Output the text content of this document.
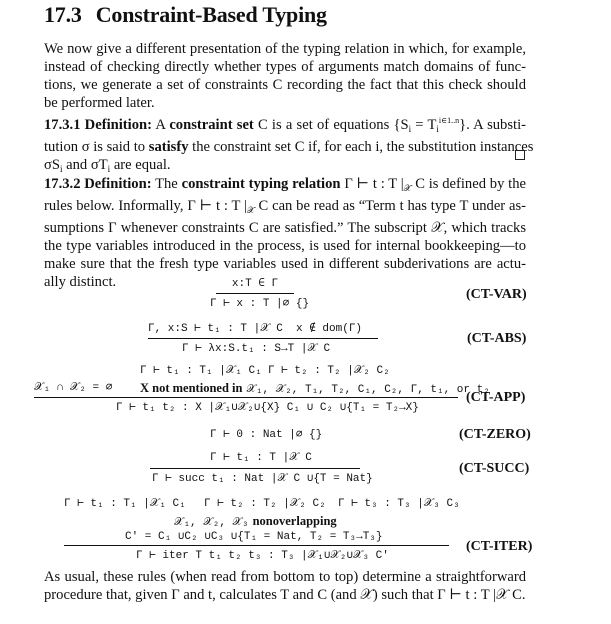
17.3 Constraint-Based Typing
We now give a different presentation of the typing relation in which, for example,
instead of checking directly whether types of arguments match domains of func-
tions, we generate a set of constraints C recording the fact that this check should
be performed later.
17.3.1 Definition: A constraint set C is a set of equations $\{S_i = T_i^{i\in 1..n}\}$. A substi-
tution σ is said to satisfy the constraint set C if, for each i, the substitution instances
$\sigma S_i$ and $\sigma T_i$ are equal.
17.3.2 Definition: The constraint typing relation Γ ⊢ t : T $|_𝒳$ C is defined by the
rules below. Informally, Γ ⊢ t : T $|_𝒳$ C can be read as “Term t has type T under as-
sumptions Γ whenever constraints C are satisfied.” The subscript 𝒳, which tracks
the type variables introduced in the process, is used for internal bookkeeping—to
make sure that the fresh type variables used in different subderivations are actu-
ally distinct.	x:T ∈ Γ
Γ ⊢ x : T |∅ {}
(CT-VAR)
Γ, x:S ⊢ t₁ : T |𝒳 C x ∉ dom(Γ)
Γ ⊢ λx:S.t₁ : S→T |𝒳 C
(CT-ABS)
Γ ⊢ t₁ : T₁ |𝒳₁ C₁ Γ ⊢ t₂ : T₂ |𝒳₂ C₂
𝒳₁ ∩ 𝒳₂ = ∅ X not mentioned in 𝒳₁, 𝒳₂, T₁, T₂, C₁, C₂, Γ, t₁, or t₂
Γ ⊢ t₁ t₂ : X |𝒳₁∪𝒳₂∪{X} C₁ ∪ C₂ ∪{T₁ = T₂→X}
(CT-APP)
Γ ⊢ 0 : Nat |∅ {}	(CT-ZERO)
Γ ⊢ t₁ : T |𝒳 C
Γ ⊢ succ t₁ : Nat |𝒳 C ∪{T = Nat}
(CT-SUCC)
Γ ⊢ t₁ : T₁ |𝒳₁ C₁ Γ ⊢ t₂ : T₂ |𝒳₂ C₂ Γ ⊢ t₃ : T₃ |𝒳₃ C₃
𝒳₁, 𝒳₂, 𝒳₃ nonoverlapping
C′ = C₁ ∪C₂ ∪C₃ ∪{T₁ = Nat, T₂ = T₃→T₃}
Γ ⊢ iter T t₁ t₂ t₃ : T₃ |𝒳₁∪𝒳₂∪𝒳₃ C′
(CT-ITER)
As usual, these rules (when read from bottom to top) determine a straightforward
procedure that, given Γ and t, calculates T and C (and 𝒳) such that Γ ⊢ t : T |𝒳 C.
